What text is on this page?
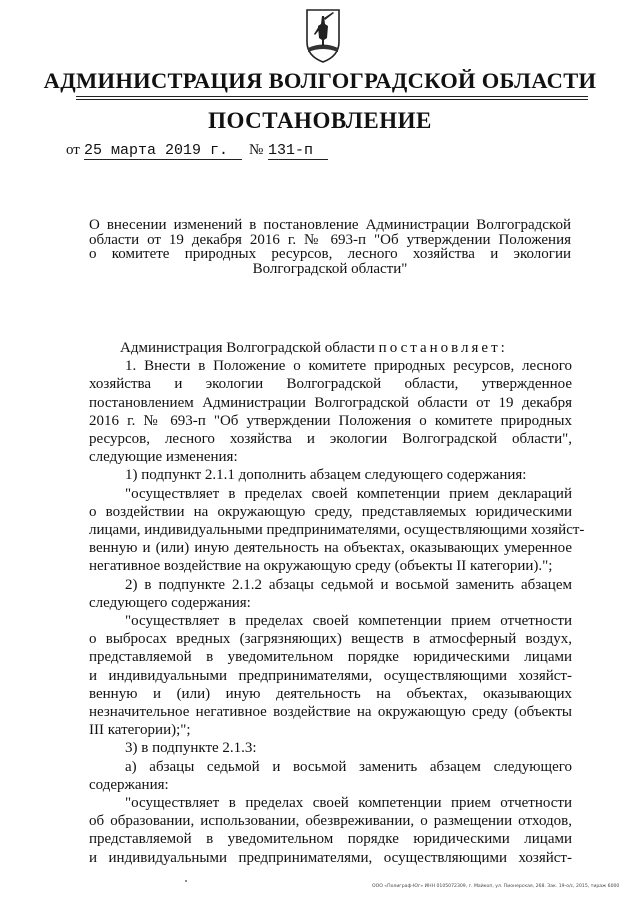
АДМИНИСТРАЦИЯ ВОЛГОГРАДСКОЙ ОБЛАСТИ
ПОСТАНОВЛЕНИЕ
от 25 марта 2019 г.	№ 131-п
О внесении изменений в постановление Администрации Волгоградской
области от 19 декабря 2016 г. № 693-п "Об утверждении Положения
о комитете природных ресурсов, лесного хозяйства и экологии
Волгоградской области"
Администрация Волгоградской области постановляет:
1. Внести в Положение о комитете природных ресурсов, лесного
хозяйства и экологии Волгоградской области, утвержденное
постановлением Администрации Волгоградской области от 19 декабря
2016 г. № 693-п "Об утверждении Положения о комитете природных
ресурсов, лесного хозяйства и экологии Волгоградской области",
следующие изменения:
1) подпункт 2.1.1 дополнить абзацем следующего содержания:
"осуществляет в пределах своей компетенции прием деклараций
о воздействии на окружающую среду, представляемых юридическими
лицами, индивидуальными предпринимателями, осуществляющими хозяйст-
венную и (или) иную деятельность на объектах, оказывающих умеренное
негативное воздействие на окружающую среду (объекты II категории).";
2) в подпункте 2.1.2 абзацы седьмой и восьмой заменить абзацем
следующего содержания:
"осуществляет в пределах своей компетенции прием отчетности
о выбросах вредных (загрязняющих) веществ в атмосферный воздух,
представляемой в уведомительном порядке юридическими лицами
и индивидуальными предпринимателями, осуществляющими хозяйст-
венную и (или) иную деятельность на объектах, оказывающих
незначительное негативное воздействие на окружающую среду (объекты
III категории);";
3) в подпункте 2.1.3:
а) абзацы седьмой и восьмой заменить абзацем следующего
содержания:
"осуществляет в пределах своей компетенции прием отчетности
об образовании, использовании, обезвреживании, о размещении отходов,
представляемой в уведомительном порядке юридическими лицами
и индивидуальными предпринимателями, осуществляющими хозяйст-
ООО «Полиграф-Юг» ИНН 0105072309, г. Майкоп, ул. Пионерская, 268. Зак. 19-о/с, 2015, тираж 6000
